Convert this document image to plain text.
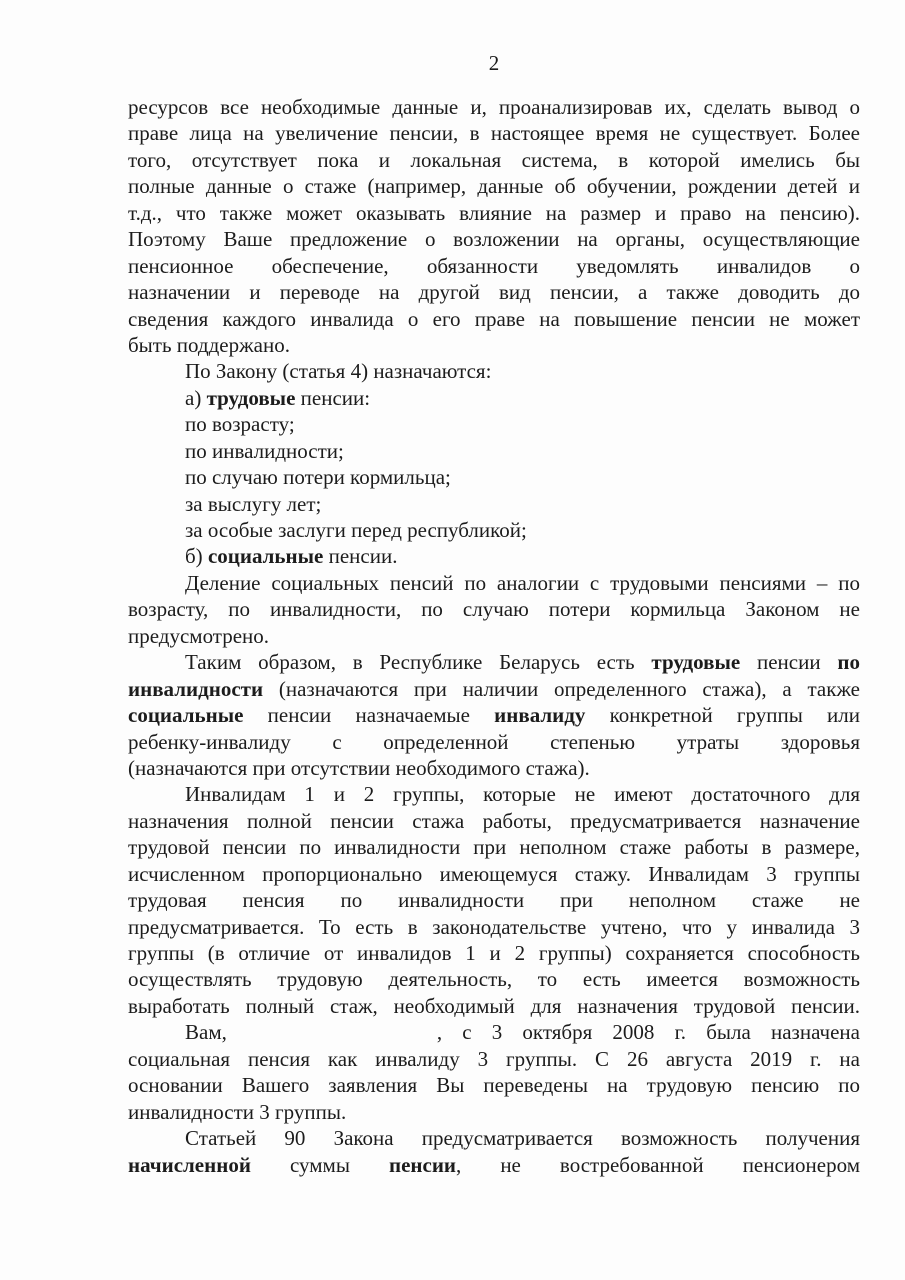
2
ресурсов все необходимые данные и, проанализировав их, сделать вывод о
праве лица на увеличение пенсии, в настоящее время не существует. Более
того, отсутствует пока и локальная система, в которой имелись бы
полные данные о стаже (например, данные об обучении, рождении детей и
т.д., что также может оказывать влияние на размер и право на пенсию).
Поэтому Ваше предложение о возложении на органы, осуществляющие
пенсионное обеспечение, обязанности уведомлять инвалидов о
назначении и переводе на другой вид пенсии, а также доводить до
сведения каждого инвалида о его праве на повышение пенсии не может
быть поддержано.
По Закону (статья 4) назначаются:
а) трудовые пенсии:
по возрасту;
по инвалидности;
по случаю потери кормильца;
за выслугу лет;
за особые заслуги перед республикой;
б) социальные пенсии.
Деление социальных пенсий по аналогии с трудовыми пенсиями – по
возрасту, по инвалидности, по случаю потери кормильца Законом не
предусмотрено.
Таким образом, в Республике Беларусь есть трудовые пенсии по
инвалидности (назначаются при наличии определенного стажа), а также
социальные пенсии назначаемые инвалиду конкретной группы или
ребенку-инвалиду с определенной степенью утраты здоровья
(назначаются при отсутствии необходимого стажа).
Инвалидам 1 и 2 группы, которые не имеют достаточного для
назначения полной пенсии стажа работы, предусматривается назначение
трудовой пенсии по инвалидности при неполном стаже работы в размере,
исчисленном пропорционально имеющемуся стажу. Инвалидам 3 группы
трудовая пенсия по инвалидности при неполном стаже не
предусматривается. То есть в законодательстве учтено, что у инвалида 3
группы (в отличие от инвалидов 1 и 2 группы) сохраняется способность
осуществлять трудовую деятельность, то есть имеется возможность
выработать полный стаж, необходимый для назначения трудовой пенсии.
Вам,	, с 3 октября 2008 г. была назначена
социальная пенсия как инвалиду 3 группы. С 26 августа 2019 г. на
основании Вашего заявления Вы переведены на трудовую пенсию по
инвалидности 3 группы.
Статьей 90 Закона предусматривается возможность получения
начисленной суммы пенсии, не востребованной пенсионером
